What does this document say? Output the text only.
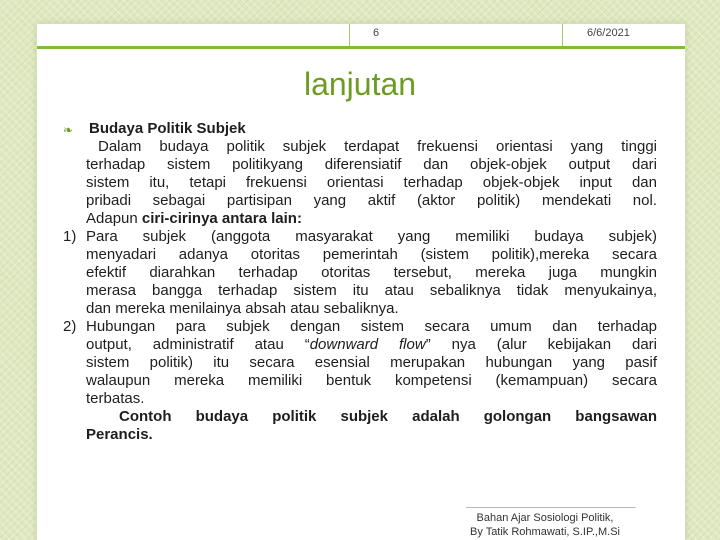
6	6/6/2021
lanjutan
❧ Budaya Politik Subjek
Dalam budaya politik subjek terdapat frekuensi orientasi yang tinggi
terhadap sistem politikyang diferensiatif dan objek-objek output dari
sistem itu, tetapi frekuensi orientasi terhadap objek-objek input dan
pribadi sebagai partisipan yang aktif (aktor politik) mendekati nol.
Adapun ciri-cirinya antara lain:
1) Para subjek (anggota masyarakat yang memiliki budaya subjek)
menyadari adanya otoritas pemerintah (sistem politik),mereka secara
efektif diarahkan terhadap otoritas tersebut, mereka juga mungkin
merasa bangga terhadap sistem itu atau sebaliknya tidak menyukainya,
dan mereka menilainya absah atau sebaliknya.
2) Hubungan para subjek dengan sistem secara umum dan terhadap
output, administratif atau “downward flow” nya (alur kebijakan dari
sistem politik) itu secara esensial merupakan hubungan yang pasif
walaupun mereka memiliki bentuk kompetensi (kemampuan) secara
terbatas.
Contoh budaya politik subjek adalah golongan bangsawan
Perancis.
Bahan Ajar Sosiologi Politik,
By Tatik Rohmawati, S.IP.,M.Si
